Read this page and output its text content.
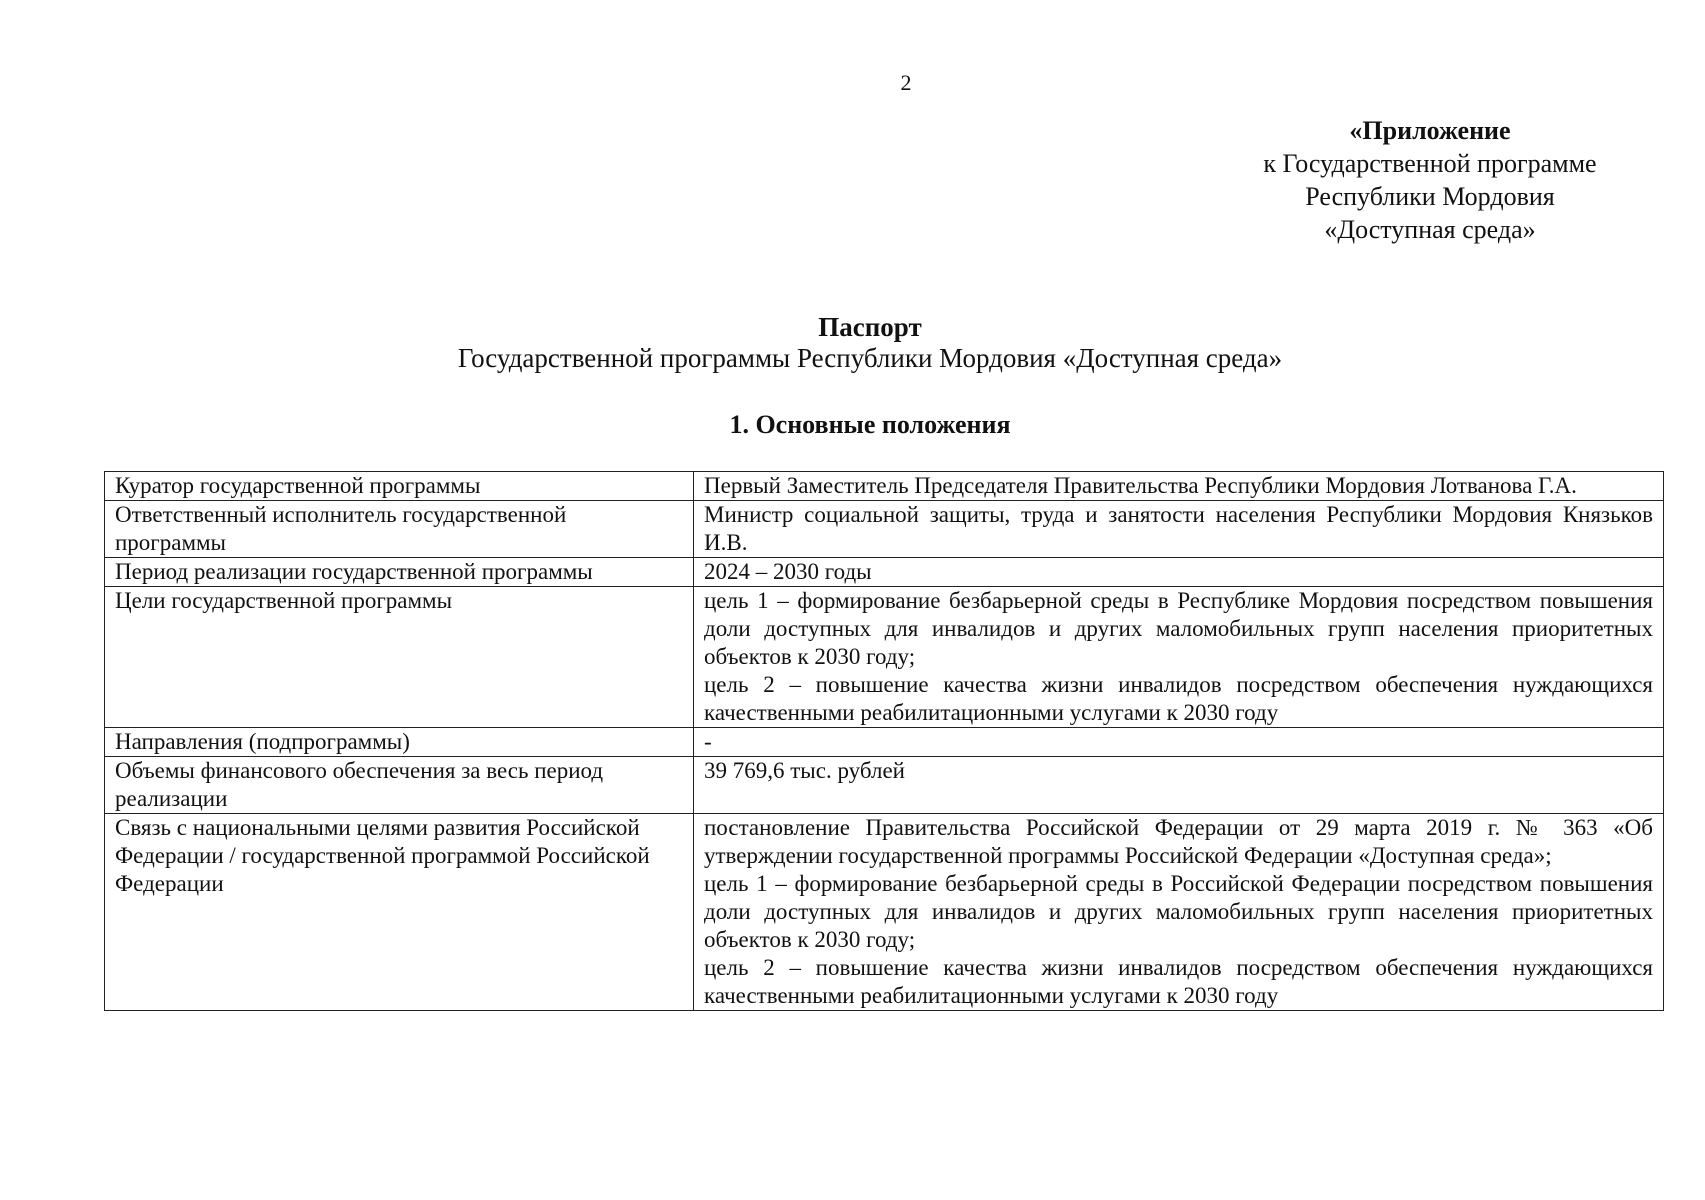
2
«Приложение
к Государственной программе
Республики Мордовия
«Доступная среда»
Паспорт
Государственной программы Республики Мордовия «Доступная среда»
1. Основные положения
Куратор государственной программы	Первый Заместитель Председателя Правительства Республики Мордовия Лотванова Г.А.

Ответственный исполнитель государственной программы	Министр социальной защиты, труда и занятости населения Республики Мордовия Князьков И.В.

Период реализации государственной программы	2024 – 2030 годы

Цели государственной программы	цель 1 – формирование безбарьерной среды в Республике Мордовия посредством повышения доли доступных для инвалидов и других маломобильных групп населения приоритетных объектов к 2030 году;
цель 2 – повышение качества жизни инвалидов посредством обеспечения нуждающихся качественными реабилитационными услугами к 2030 году

Направления (подпрограммы)	-

Объемы финансового обеспечения за весь период реализации	39 769,6 тыс. рублей

Связь с национальными целями развития Российской Федерации / государственной программой Российской Федерации	постановление Правительства Российской Федерации от 29 марта 2019 г. № 363 «Об утверждении государственной программы Российской Федерации «Доступная среда»;
цель 1 – формирование безбарьерной среды в Российской Федерации посредством повышения доли доступных для инвалидов и других маломобильных групп населения приоритетных объектов к 2030 году;
цель 2 – повышение качества жизни инвалидов посредством обеспечения нуждающихся качественными реабилитационными услугами к 2030 году
